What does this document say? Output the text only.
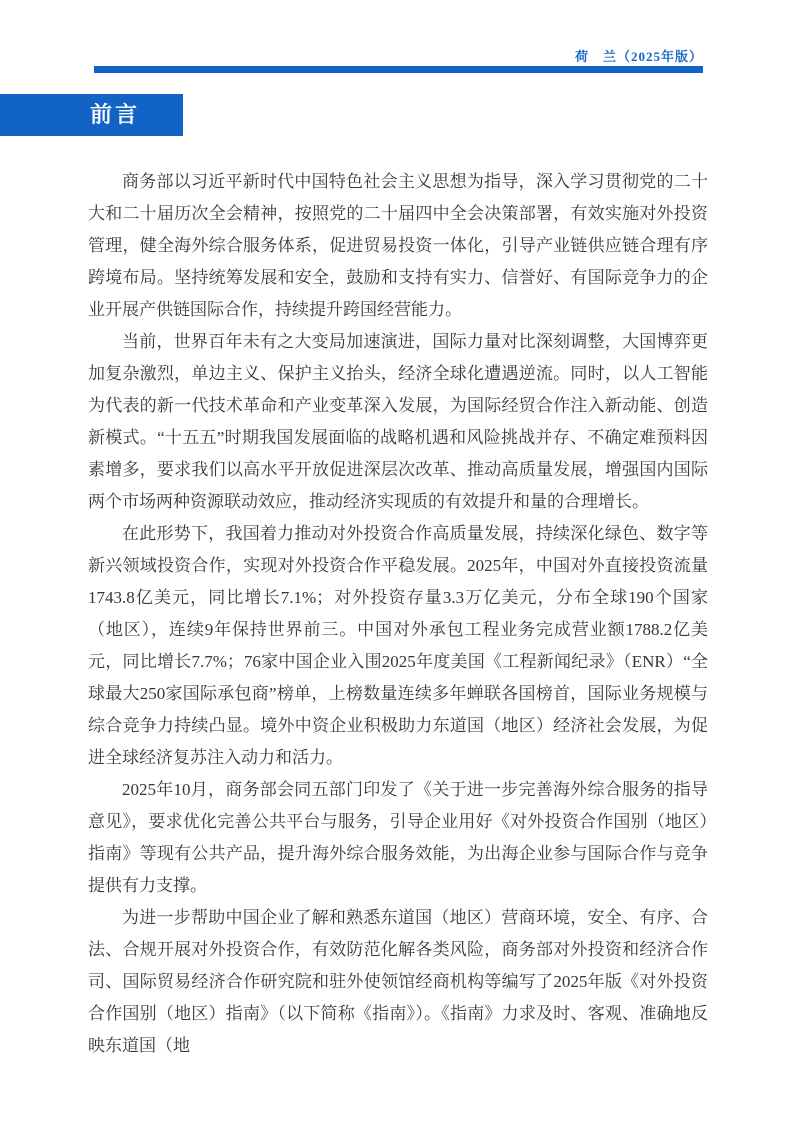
荷　兰（2025年版）
前言

商务部以习近平新时代中国特色社会主义思想为指导，深入学习贯彻党的二十大和二十届历次全会精神，按照党的二十届四中全会决策部署，有效实施对外投资管理，健全海外综合服务体系，促进贸易投资一体化，引导产业链供应链合理有序跨境布局。坚持统筹发展和安全，鼓励和支持有实力、信誉好、有国际竞争力的企业开展产供链国际合作，持续提升跨国经营能力。

当前，世界百年未有之大变局加速演进，国际力量对比深刻调整，大国博弈更加复杂激烈，单边主义、保护主义抬头，经济全球化遭遇逆流。同时，以人工智能为代表的新一代技术革命和产业变革深入发展，为国际经贸合作注入新动能、创造新模式。“十五五”时期我国发展面临的战略机遇和风险挑战并存、不确定难预料因素增多，要求我们以高水平开放促进深层次改革、推动高质量发展，增强国内国际两个市场两种资源联动效应，推动经济实现质的有效提升和量的合理增长。

在此形势下，我国着力推动对外投资合作高质量发展，持续深化绿色、数字等新兴领域投资合作，实现对外投资合作平稳发展。2025年，中国对外直接投资流量1743.8亿美元，同比增长7.1%；对外投资存量3.3万亿美元，分布全球190个国家（地区），连续9年保持世界前三。中国对外承包工程业务完成营业额1788.2亿美元，同比增长7.7%；76家中国企业入围2025年度美国《工程新闻纪录》（ENR）“全球最大250家国际承包商”榜单，上榜数量连续多年蝉联各国榜首，国际业务规模与综合竞争力持续凸显。境外中资企业积极助力东道国（地区）经济社会发展，为促进全球经济复苏注入动力和活力。

2025年10月，商务部会同五部门印发了《关于进一步完善海外综合服务的指导意见》，要求优化完善公共平台与服务，引导企业用好《对外投资合作国别（地区）指南》等现有公共产品，提升海外综合服务效能，为出海企业参与国际合作与竞争提供有力支撑。

为进一步帮助中国企业了解和熟悉东道国（地区）营商环境，安全、有序、合法、合规开展对外投资合作，有效防范化解各类风险，商务部对外投资和经济合作司、国际贸易经济合作研究院和驻外使领馆经商机构等编写了2025年版《对外投资合作国别（地区）指南》（以下简称《指南》）。《指南》力求及时、客观、准确地反映东道国（地
